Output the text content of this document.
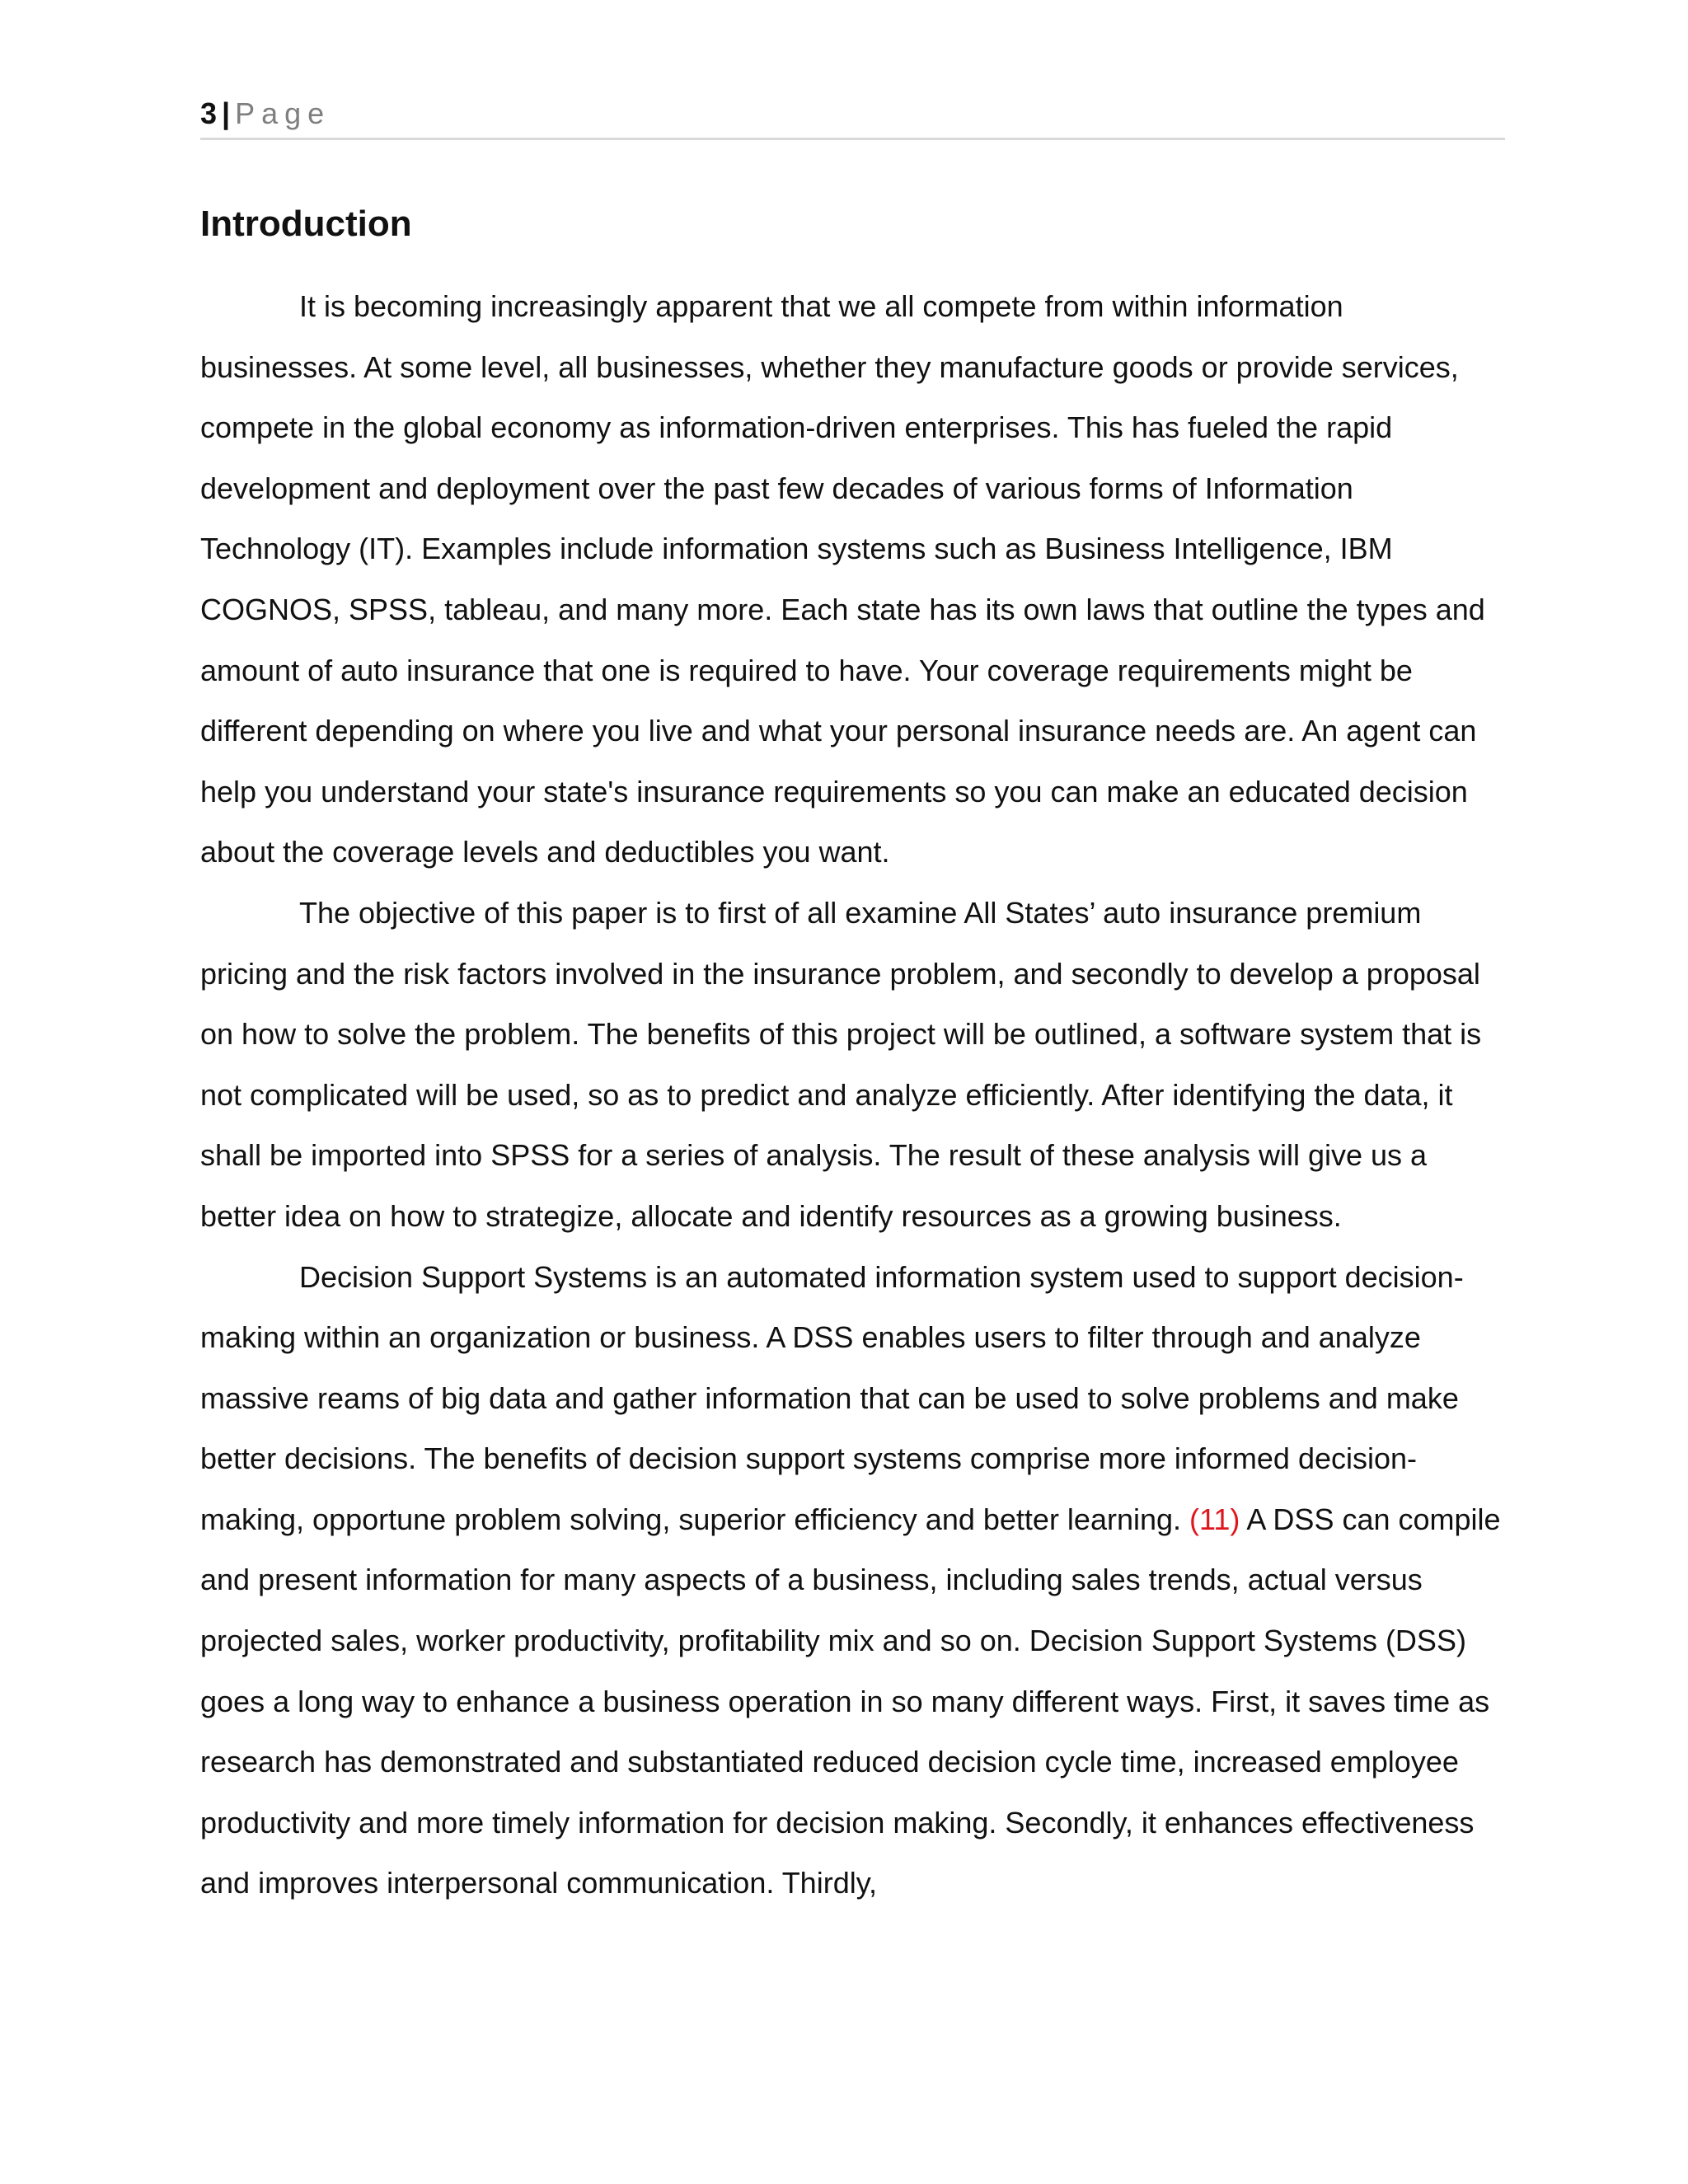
3 | Page
Introduction

It is becoming increasingly apparent that we all compete from within information businesses. At some level, all businesses, whether they manufacture goods or provide services, compete in the global economy as information-driven enterprises. This has fueled the rapid development and deployment over the past few decades of various forms of Information Technology (IT). Examples include information systems such as Business Intelligence, IBM COGNOS, SPSS, tableau, and many more. Each state has its own laws that outline the types and amount of auto insurance that one is required to have. Your coverage requirements might be different depending on where you live and what your personal insurance needs are. An agent can help you understand your state's insurance requirements so you can make an educated decision about the coverage levels and deductibles you want.

The objective of this paper is to first of all examine All States’ auto insurance premium pricing and the risk factors involved in the insurance problem, and secondly to develop a proposal on how to solve the problem. The benefits of this project will be outlined, a software system that is not complicated will be used, so as to predict and analyze efficiently. After identifying the data, it shall be imported into SPSS for a series of analysis. The result of these analysis will give us a better idea on how to strategize, allocate and identify resources as a growing business.

Decision Support Systems is an automated information system used to support decision-making within an organization or business. A DSS enables users to filter through and analyze massive reams of big data and gather information that can be used to solve problems and make better decisions. The benefits of decision support systems comprise more informed decision-making, opportune problem solving, superior efficiency and better learning. (11) A DSS can compile and present information for many aspects of a business, including sales trends, actual versus projected sales, worker productivity, profitability mix and so on. Decision Support Systems (DSS) goes a long way to enhance a business operation in so many different ways. First, it saves time as research has demonstrated and substantiated reduced decision cycle time, increased employee productivity and more timely information for decision making. Secondly, it enhances effectiveness and improves interpersonal communication. Thirdly,
